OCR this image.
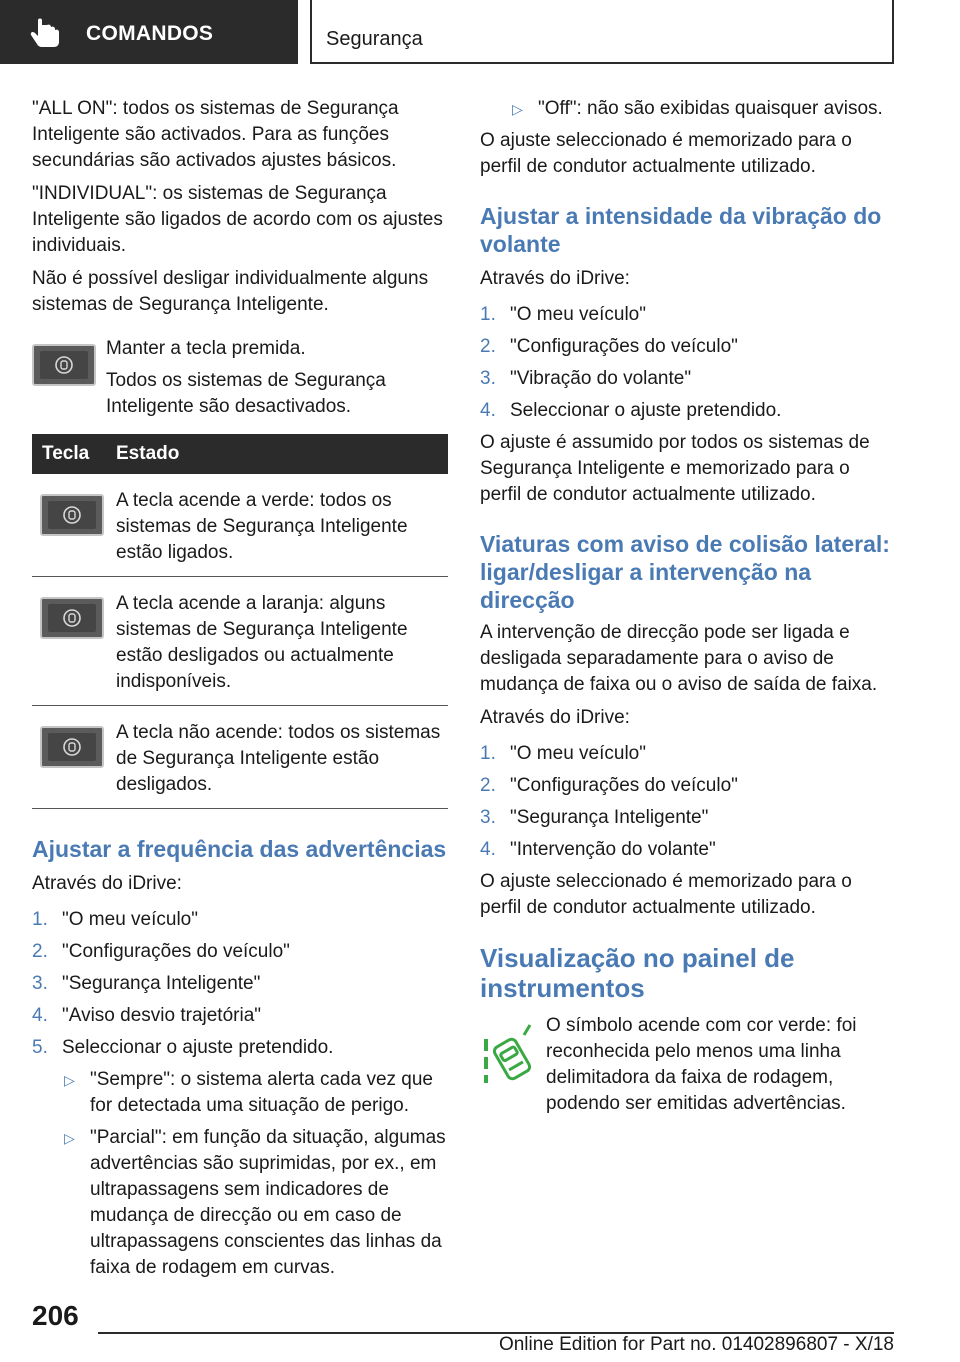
COMANDOS	Segurança

"ALL ON": todos os sistemas de Segurança Inteligente são activados. Para as funções secundárias são activados ajustes básicos.

"INDIVIDUAL": os sistemas de Segurança Inteligente são ligados de acordo com os ajustes individuais.

Não é possível desligar individualmente alguns sistemas de Segurança Inteligente.

Manter a tecla premida.

Todos os sistemas de Segurança Inteligente são desactivados.

Tecla	Estado

	A tecla acende a verde: todos os sistemas de Segurança Inteligente estão ligados.

	A tecla acende a laranja: alguns sistemas de Segurança Inteligente estão desligados ou actualmente indisponíveis.

	A tecla não acende: todos os sistemas de Segurança Inteligente estão desligados.
Ajustar a frequência das advertências

Através do iDrive:

1. "O meu veículo"
2. "Configurações do veículo"
3. "Segurança Inteligente"
4. "Aviso desvio trajetória"
5. Seleccionar o ajuste pretendido.
▷ "Sempre": o sistema alerta cada vez que for detectada uma situação de perigo.
▷ "Parcial": em função da situação, algumas advertências são suprimidas, por ex., em ultrapassagens sem indicadores de mudança de direcção ou em caso de ultrapassagens conscientes das linhas da faixa de rodagem em curvas.
▷ "Off": não são exibidas quaisquer avisos.

O ajuste seleccionado é memorizado para o perfil de condutor actualmente utilizado.

Ajustar a intensidade da vibração do volante

Através do iDrive:

1. "O meu veículo"
2. "Configurações do veículo"
3. "Vibração do volante"
4. Seleccionar o ajuste pretendido.

O ajuste é assumido por todos os sistemas de Segurança Inteligente e memorizado para o perfil de condutor actualmente utilizado.

Viaturas com aviso de colisão lateral: ligar/desligar a intervenção na direcção

A intervenção de direcção pode ser ligada e desligada separadamente para o aviso de mudança de faixa ou o aviso de saída de faixa.

Através do iDrive:

1. "O meu veículo"
2. "Configurações do veículo"
3. "Segurança Inteligente"
4. "Intervenção do volante"

O ajuste seleccionado é memorizado para o perfil de condutor actualmente utilizado.

Visualização no painel de instrumentos

O símbolo acende com cor verde: foi reconhecida pelo menos uma linha delimitadora da faixa de rodagem, podendo ser emitidas advertências.

206
Online Edition for Part no. 01402896807 - X/18
